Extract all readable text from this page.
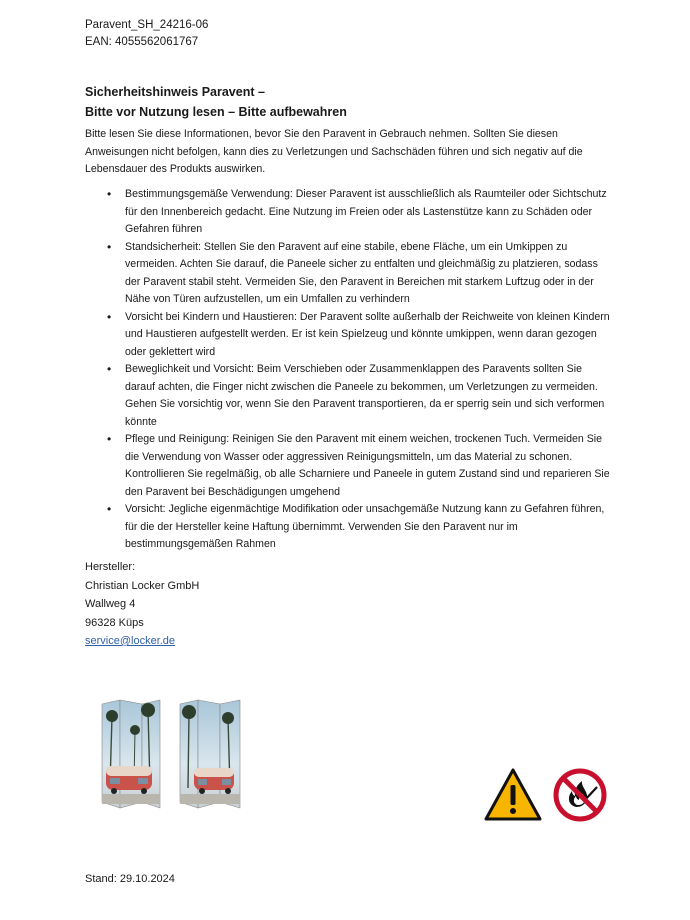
Paravent_SH_24216-06
EAN: 4055562061767
Sicherheitshinweis Paravent –
Bitte vor Nutzung lesen – Bitte aufbewahren
Bitte lesen Sie diese Informationen, bevor Sie den Paravent in Gebrauch nehmen. Sollten Sie diesen Anweisungen nicht befolgen, kann dies zu Verletzungen und Sachschäden führen und sich negativ auf die Lebensdauer des Produkts auswirken.
• Bestimmungsgemäße Verwendung: Dieser Paravent ist ausschließlich als Raumteiler oder Sichtschutz für den Innenbereich gedacht. Eine Nutzung im Freien oder als Lastenstütze kann zu Schäden oder Gefahren führen
• Standsicherheit: Stellen Sie den Paravent auf eine stabile, ebene Fläche, um ein Umkippen zu vermeiden. Achten Sie darauf, die Paneele sicher zu entfalten und gleichmäßig zu platzieren, sodass der Paravent stabil steht. Vermeiden Sie, den Paravent in Bereichen mit starkem Luftzug oder in der Nähe von Türen aufzustellen, um ein Umfallen zu verhindern
• Vorsicht bei Kindern und Haustieren: Der Paravent sollte außerhalb der Reichweite von kleinen Kindern und Haustieren aufgestellt werden. Er ist kein Spielzeug und könnte umkippen, wenn daran gezogen oder geklettert wird
• Beweglichkeit und Vorsicht: Beim Verschieben oder Zusammenklappen des Paravents sollten Sie darauf achten, die Finger nicht zwischen die Paneele zu bekommen, um Verletzungen zu vermeiden. Gehen Sie vorsichtig vor, wenn Sie den Paravent transportieren, da er sperrig sein und sich verformen könnte
• Pflege und Reinigung: Reinigen Sie den Paravent mit einem weichen, trockenen Tuch. Vermeiden Sie die Verwendung von Wasser oder aggressiven Reinigungsmitteln, um das Material zu schonen. Kontrollieren Sie regelmäßig, ob alle Scharniere und Paneele in gutem Zustand sind und reparieren Sie den Paravent bei Beschädigungen umgehend
• Vorsicht: Jegliche eigenmächtige Modifikation oder unsachgemäße Nutzung kann zu Gefahren führen, für die der Hersteller keine Haftung übernimmt. Verwenden Sie den Paravent nur im bestimmungsgemäßen Rahmen
Hersteller:
Christian Locker GmbH
Wallweg 4
96328 Küps
service@locker.de
Stand: 29.10.2024
